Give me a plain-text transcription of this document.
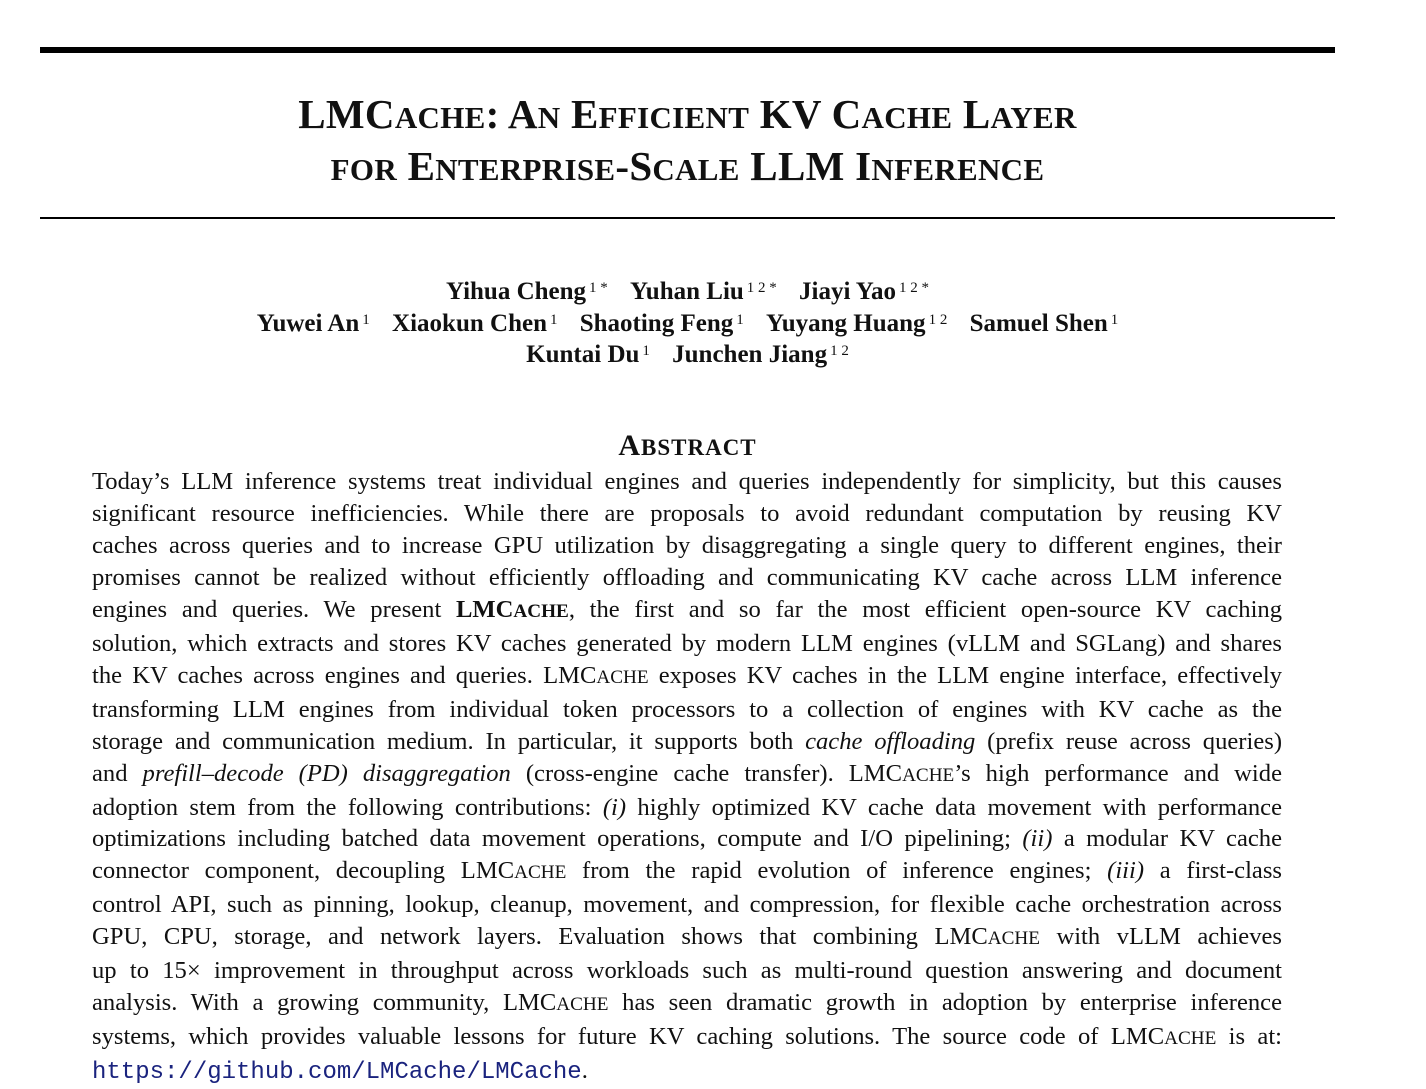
LMCACHE: AN EFFICIENT KV CACHE LAYER
FOR ENTERPRISE-SCALE LLM INFERENCE
Yihua Cheng $^{1 *}$ Yuhan Liu $^{1 2 *}$ Jiayi Yao $^{1 2 *}$
Yuwei An $^1$ Xiaokun Chen $^1$ Shaoting Feng $^1$ Yuyang Huang $^{1 2}$ Samuel Shen $^1$
Kuntai Du $^1$ Junchen Jiang $^{1 2}$
ABSTRACT
Today’s LLM inference systems treat individual engines and queries independently for simplicity, but this causes
significant resource inefficiencies. While there are proposals to avoid redundant computation by reusing KV
caches across queries and to increase GPU utilization by disaggregating a single query to different engines, their
promises cannot be realized without efficiently offloading and communicating KV cache across LLM inference
engines and queries. We present LMCACHE, the first and so far the most efficient open-source KV caching
solution, which extracts and stores KV caches generated by modern LLM engines (vLLM and SGLang) and shares
the KV caches across engines and queries. LMCACHE exposes KV caches in the LLM engine interface, effectively
transforming LLM engines from individual token processors to a collection of engines with KV cache as the
storage and communication medium. In particular, it supports both cache offloading (prefix reuse across queries)
and prefill–decode (PD) disaggregation (cross-engine cache transfer). LMCACHE’s high performance and wide
adoption stem from the following contributions: (i) highly optimized KV cache data movement with performance
optimizations including batched data movement operations, compute and I/O pipelining; (ii) a modular KV cache
connector component, decoupling LMCACHE from the rapid evolution of inference engines; (iii) a first-class
control API, such as pinning, lookup, cleanup, movement, and compression, for flexible cache orchestration across
GPU, CPU, storage, and network layers. Evaluation shows that combining LMCACHE with vLLM achieves
up to 15× improvement in throughput across workloads such as multi-round question answering and document
analysis. With a growing community, LMCACHE has seen dramatic growth in adoption by enterprise inference
systems, which provides valuable lessons for future KV caching solutions. The source code of LMCACHE is at:
https://github.com/LMCache/LMCache.
